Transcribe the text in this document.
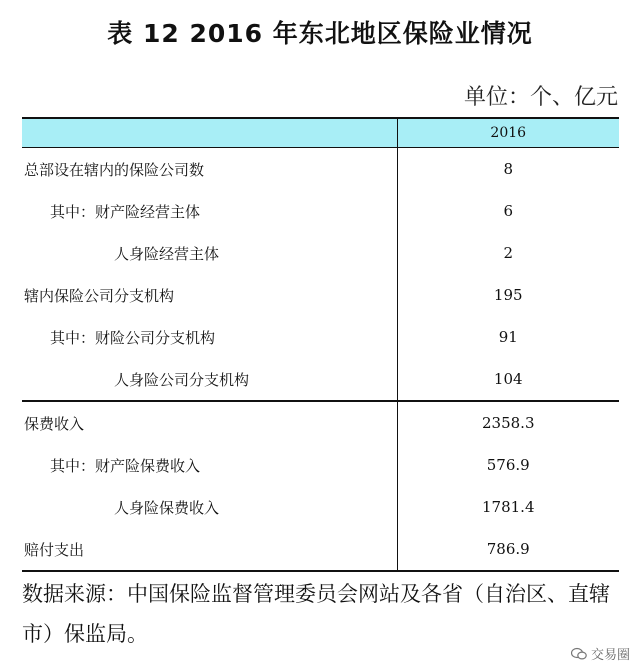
表 12 2016 年东北地区保险业情况
单位：个、亿元
	2016
总部设在辖内的保险公司数	8
其中：财产险经营主体	6
人身险经营主体	2
辖内保险公司分支机构	195
其中：财险公司分支机构	91
人身险公司分支机构	104
保费收入	2358.3
其中：财产险保费收入	576.9
人身险保费收入	1781.4
赔付支出	786.9
数据来源：中国保险监督管理委员会网站及各省（自治区、直辖市）保监局。
交易圈
